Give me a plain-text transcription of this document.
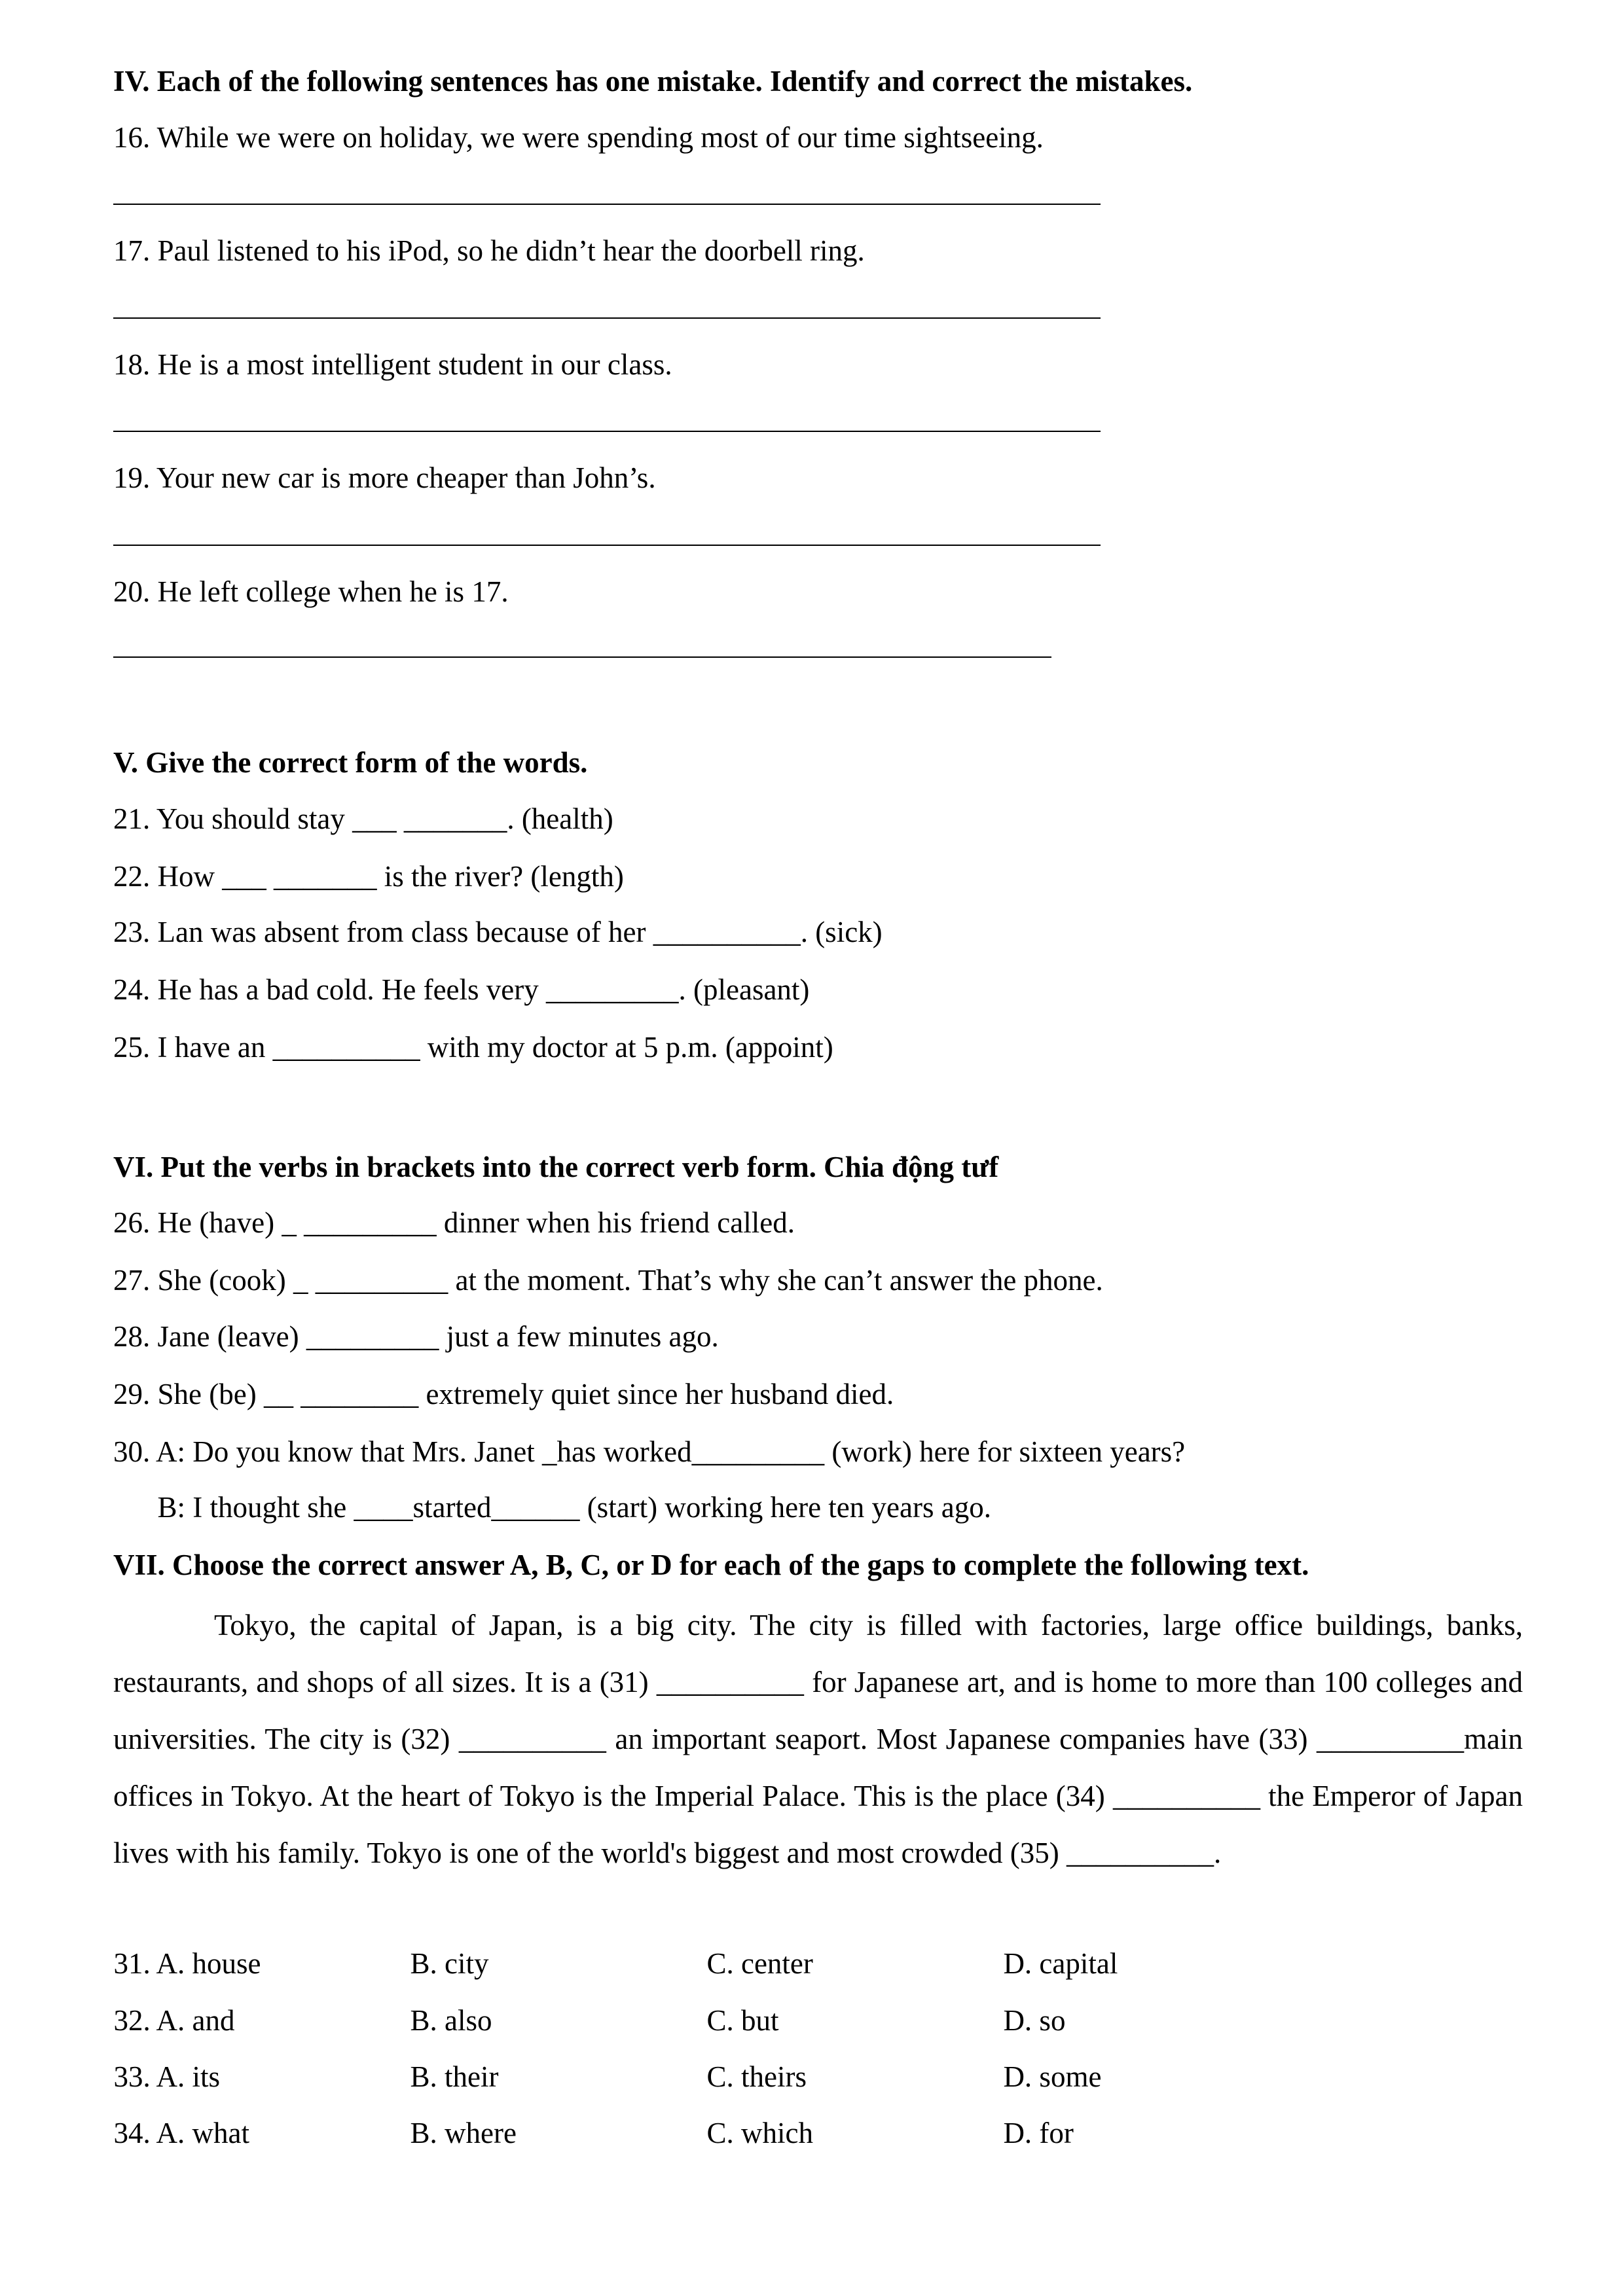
IV. Each of the following sentences has one mistake. Identify and correct the mistakes.
16. While we were on holiday, we were spending most of our time sightseeing.
17. Paul listened to his iPod, so he didn’t hear the doorbell ring.
18. He is a most intelligent student in our class.
19. Your new car is more cheaper than John’s.
20. He left college when he is 17.
V. Give the correct form of the words.
21. You should stay ___ _______. (health)
22. How ___ _______ is the river? (length)
23. Lan was absent from class because of her __________. (sick)
24. He has a bad cold. He feels very _________. (pleasant)
25. I have an __________ with my doctor at 5 p.m. (appoint)
VI. Put the verbs in brackets into the correct verb form. Chia động tưf
26. He (have) _ _________ dinner when his friend called.
27. She (cook) _ _________ at the moment. That’s why she can’t answer the phone.
28. Jane (leave) _________ just a few minutes ago.
29. She (be) __ ________ extremely quiet since her husband died.
30. A: Do you know that Mrs. Janet _has worked_________ (work) here for sixteen years?
B: I thought she ____started______ (start) working here ten years ago.
VII. Choose the correct answer A, B, C, or D for each of the gaps to complete the following text.
Tokyo, the capital of Japan, is a big city. The city is filled with factories, large office buildings, banks, restaurants, and shops of all sizes. It is a (31) __________ for Japanese art, and is home to more than 100 colleges and universities. The city is (32) __________ an important seaport. Most Japanese companies have (33) __________main offices in Tokyo. At the heart of Tokyo is the Imperial Palace. This is the place (34) __________ the Emperor of Japan lives with his family. Tokyo is one of the world's biggest and most crowded (35) __________.
31. A. house	B. city	C. center	D. capital
32. A. and	B. also	C. but	D. so
33. A. its	B. their	C. theirs	D. some
34. A. what	B. where	C. which	D. for
